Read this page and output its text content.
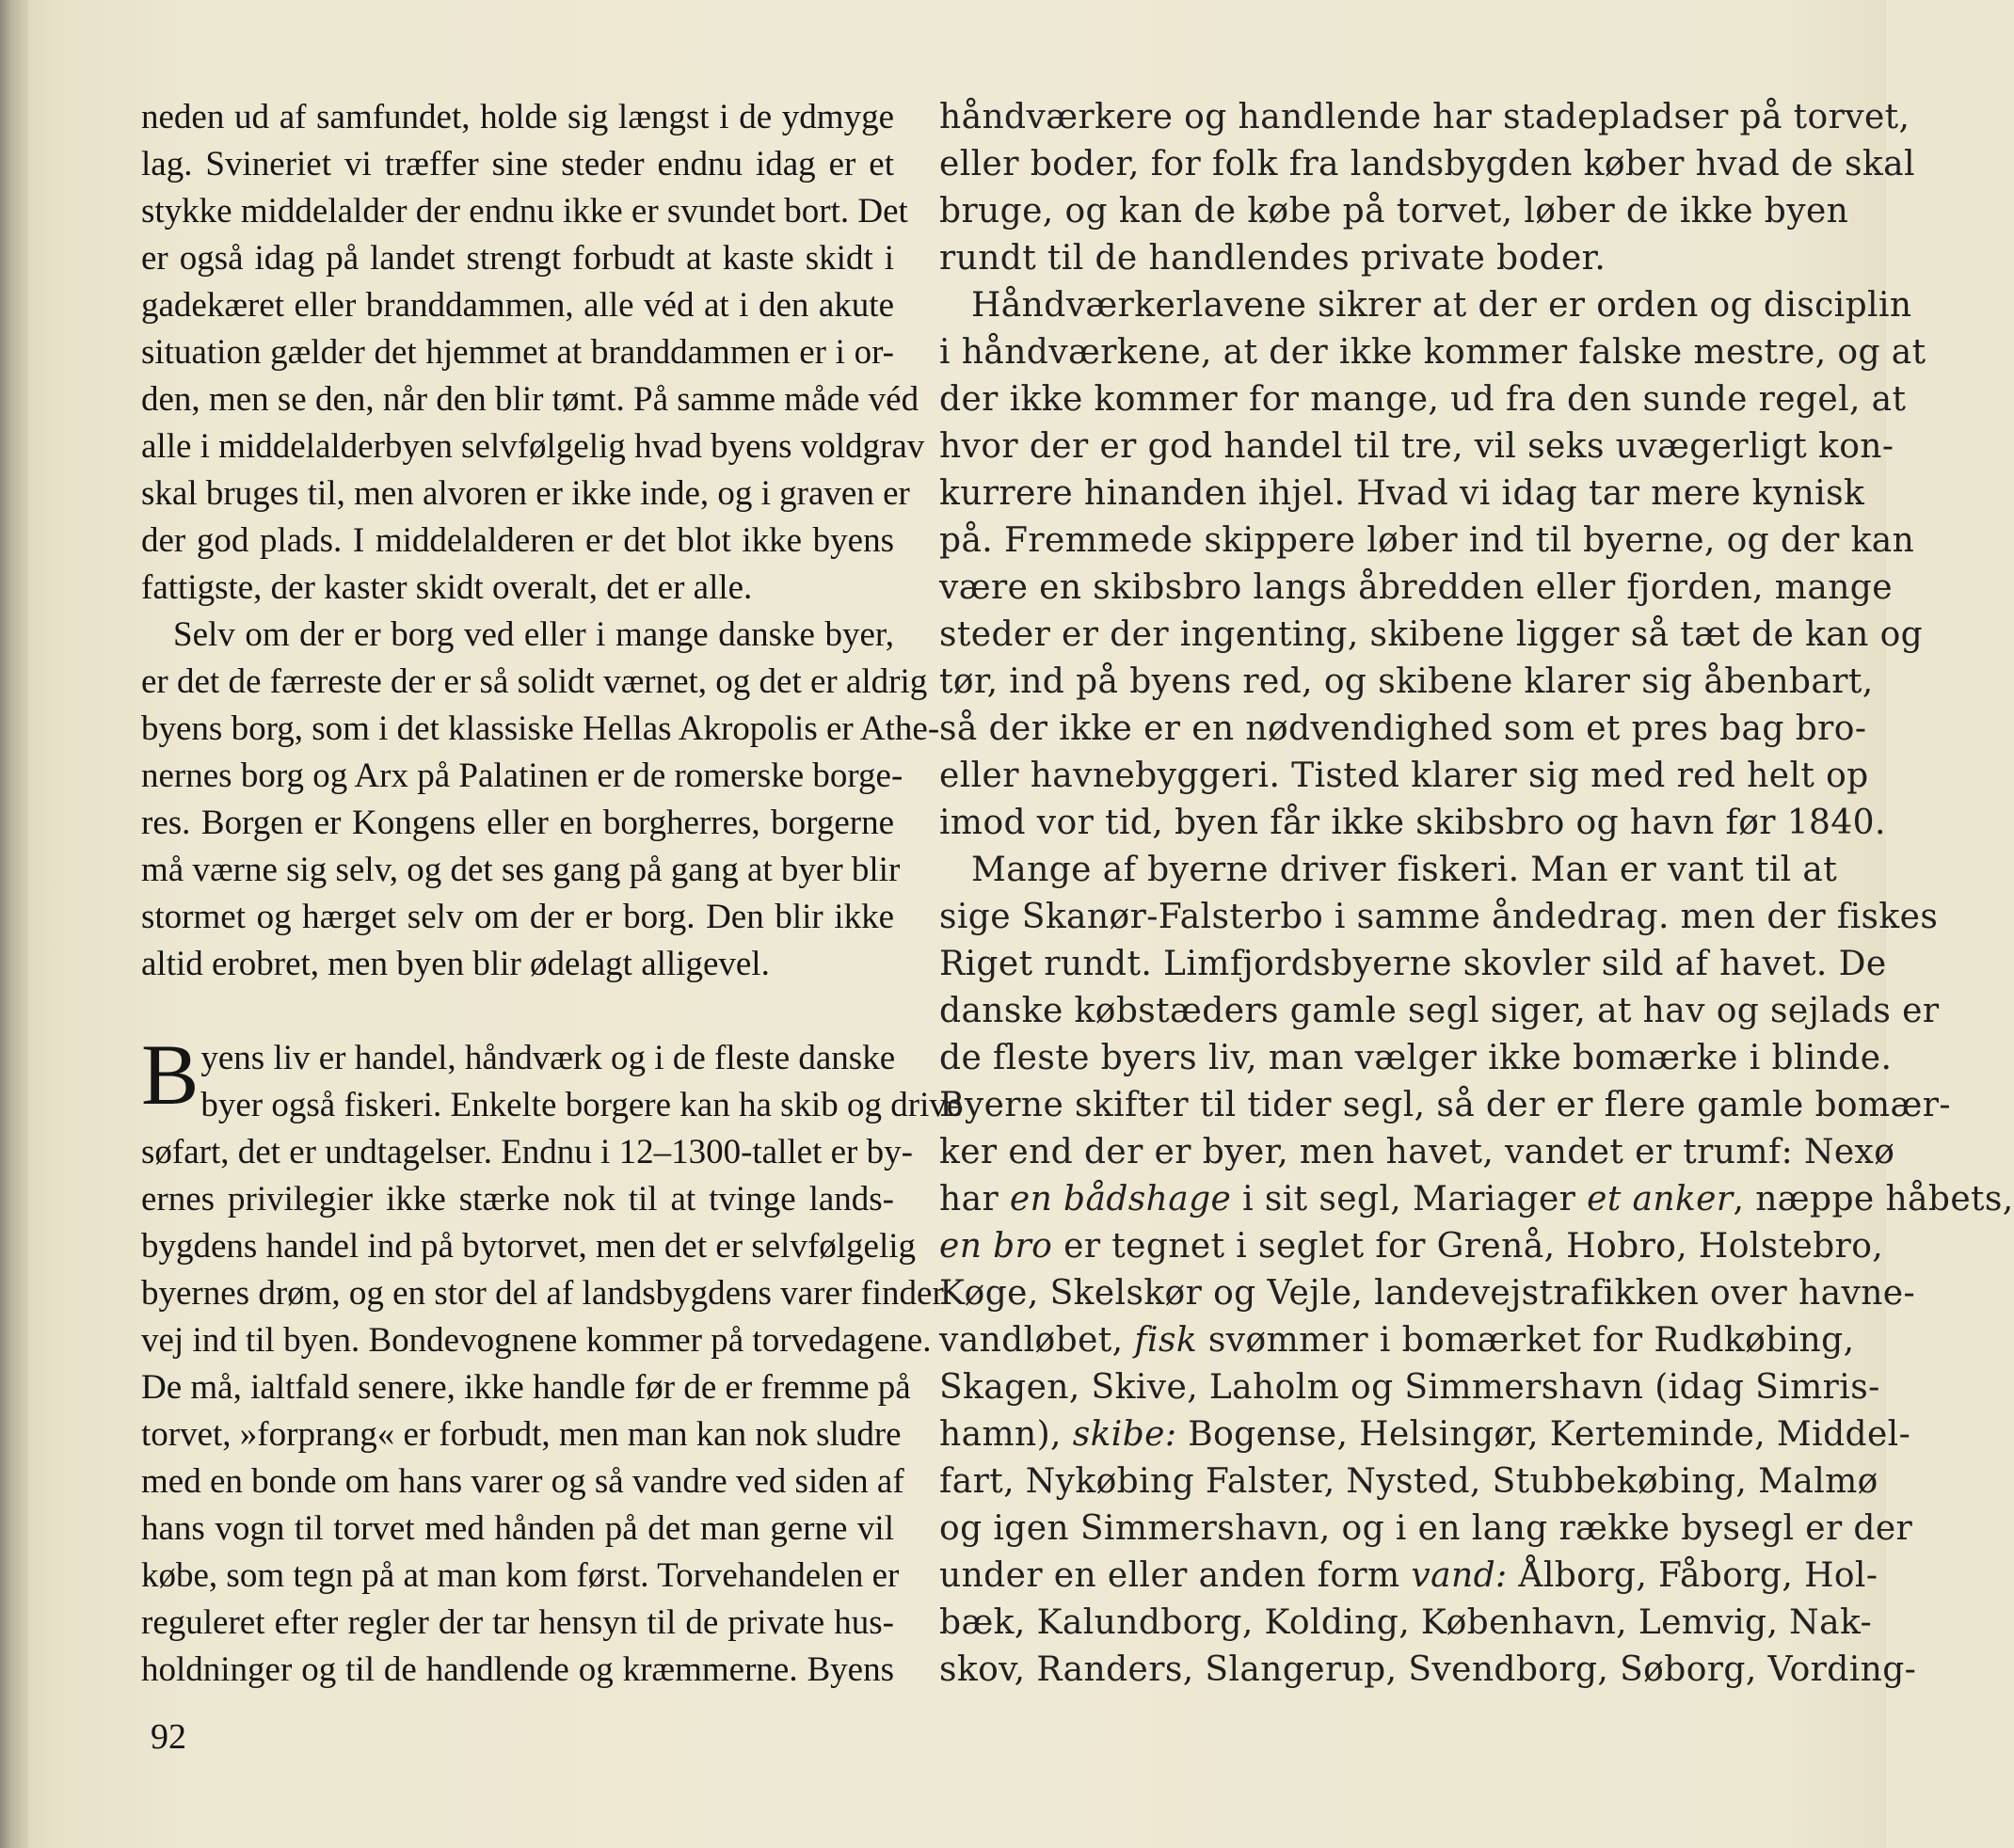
neden ud af samfundet, holde sig længst i de ydmyge
lag. Svineriet vi træffer sine steder endnu idag er et
stykke middelalder der endnu ikke er svundet bort. Det
er også idag på landet strengt forbudt at kaste skidt i
gadekæret eller branddammen, alle véd at i den akute
situation gælder det hjemmet at branddammen er i or-
den, men se den, når den blir tømt. På samme måde véd
alle i middelalderbyen selvfølgelig hvad byens voldgrav
skal bruges til, men alvoren er ikke inde, og i graven er
der god plads. I middelalderen er det blot ikke byens
fattigste, der kaster skidt overalt, det er alle.
Selv om der er borg ved eller i mange danske byer,
er det de færreste der er så solidt værnet, og det er aldrig
byens borg, som i det klassiske Hellas Akropolis er Athe-
nernes borg og Arx på Palatinen er de romerske borge-
res. Borgen er Kongens eller en borgherres, borgerne
må værne sig selv, og det ses gang på gang at byer blir
stormet og hærget selv om der er borg. Den blir ikke
altid erobret, men byen blir ødelagt alligevel.
B yens liv er handel, håndværk og i de fleste danske
byer også fiskeri. Enkelte borgere kan ha skib og drive
søfart, det er undtagelser. Endnu i 12–1300-tallet er by-
ernes privilegier ikke stærke nok til at tvinge lands-
bygdens handel ind på bytorvet, men det er selvfølgelig
byernes drøm, og en stor del af landsbygdens varer finder
vej ind til byen. Bondevognene kommer på torvedagene.
De må, ialtfald senere, ikke handle før de er fremme på
torvet, »forprang« er forbudt, men man kan nok sludre
med en bonde om hans varer og så vandre ved siden af
hans vogn til torvet med hånden på det man gerne vil
købe, som tegn på at man kom først. Torvehandelen er
reguleret efter regler der tar hensyn til de private hus-
holdninger og til de handlende og kræmmerne. Byens
håndværkere og handlende har stadepladser på torvet,
eller boder, for folk fra landsbygden køber hvad de skal
bruge, og kan de købe på torvet, løber de ikke byen
rundt til de handlendes private boder.
Håndværkerlavene sikrer at der er orden og disciplin
i håndværkene, at der ikke kommer falske mestre, og at
der ikke kommer for mange, ud fra den sunde regel, at
hvor der er god handel til tre, vil seks uvægerligt kon-
kurrere hinanden ihjel. Hvad vi idag tar mere kynisk
på. Fremmede skippere løber ind til byerne, og der kan
være en skibsbro langs åbredden eller fjorden, mange
steder er der ingenting, skibene ligger så tæt de kan og
tør, ind på byens red, og skibene klarer sig åbenbart,
så der ikke er en nødvendighed som et pres bag bro-
eller havnebyggeri. Tisted klarer sig med red helt op
imod vor tid, byen får ikke skibsbro og havn før 1840.
Mange af byerne driver fiskeri. Man er vant til at
sige Skanør-Falsterbo i samme åndedrag. men der fiskes
Riget rundt. Limfjordsbyerne skovler sild af havet. De
danske købstæders gamle segl siger, at hav og sejlads er
de fleste byers liv, man vælger ikke bomærke i blinde.
Byerne skifter til tider segl, så der er flere gamle bomær-
ker end der er byer, men havet, vandet er trumf: Nexø
har en bådshage i sit segl, Mariager et anker, næppe håbets,
en bro er tegnet i seglet for Grenå, Hobro, Holstebro,
Køge, Skelskør og Vejle, landevejstrafikken over havne-
vandløbet, fisk svømmer i bomærket for Rudkøbing,
Skagen, Skive, Laholm og Simmershavn (idag Simris-
hamn), skibe: Bogense, Helsingør, Kerteminde, Middel-
fart, Nykøbing Falster, Nysted, Stubbekøbing, Malmø
og igen Simmershavn, og i en lang række bysegl er der
under en eller anden form vand: Ålborg, Fåborg, Hol-
bæk, Kalundborg, Kolding, København, Lemvig, Nak-
skov, Randers, Slangerup, Svendborg, Søborg, Vording-
92
